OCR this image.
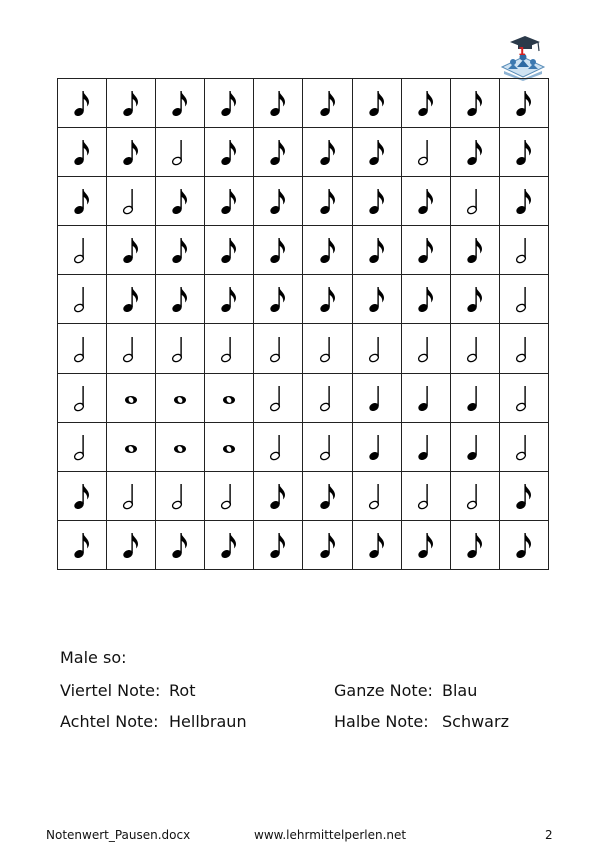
1
Male so:
Viertel Note: Rot
Achtel Note: Hellbraun
Ganze Note: Blau
Halbe Note: Schwarz
Notenwert_Pausen.docx	www.lehrmittelperlen.net	2
